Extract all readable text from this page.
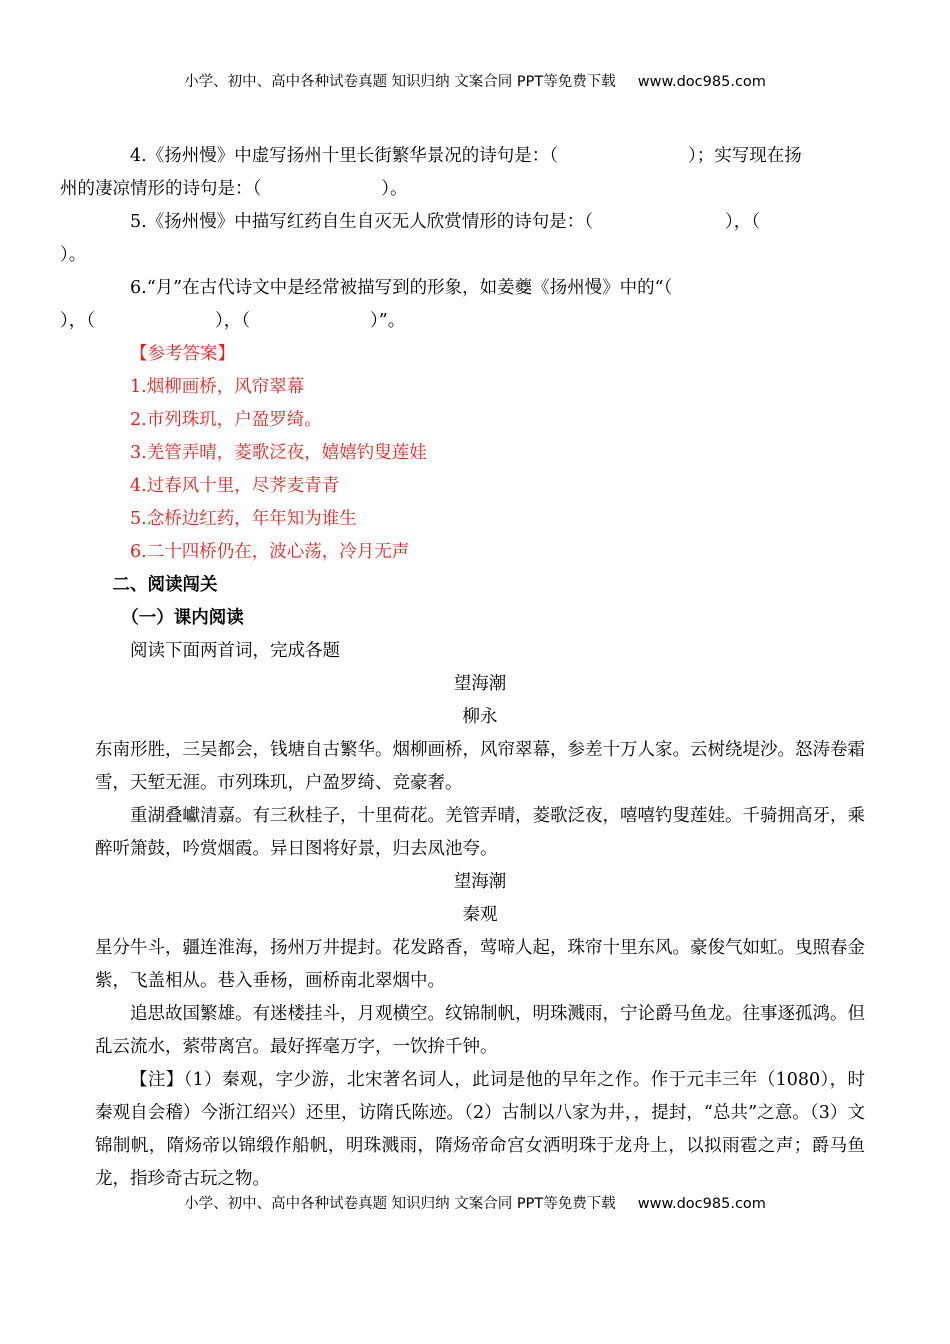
小学、初中、高中各种试卷真题 知识归纳 文案合同 PPT等免费下载 www.doc985.com

4.《扬州慢》中虚写扬州十里长街繁华景况的诗句是：（	）；实写现在扬
州的凄凉情形的诗句是：（	）。

5.《扬州慢》中描写红药自生自灭无人欣赏情形的诗句是：（	），（
）。

6.“月”在古代诗文中是经常被描写到的形象，如姜夔《扬州慢》中的“（
），（	），（	）”。

【参考答案】

1.烟柳画桥，风帘翠幕

2.市列珠玑，户盈罗绮。

3.羌管弄晴，菱歌泛夜，嬉嬉钓叟莲娃

4.过春风十里，尽荠麦青青

5.念桥边红药，年年知为谁生

6.二十四桥仍在，波心荡，冷月无声

二、阅读闯关

（一）课内阅读

阅读下面两首词，完成各题

望海潮

柳永

东南形胜，三吴都会，钱塘自古繁华。烟柳画桥，风帘翠幕，参差十万人家。云树绕堤沙。怒涛卷霜雪，天堑无涯。市列珠玑，户盈罗绮、竞豪奢。

重湖叠巘清嘉。有三秋桂子，十里荷花。羌管弄晴，菱歌泛夜，嘻嘻钓叟莲娃。千骑拥高牙，乘醉听箫鼓，吟赏烟霞。异日图将好景，归去凤池夸。

望海潮

秦观

星分牛斗，疆连淮海，扬州万井提封。花发路香，莺啼人起，珠帘十里东风。豪俊气如虹。曳照春金紫，飞盖相从。巷入垂杨，画桥南北翠烟中。

追思故国繁雄。有迷楼挂斗，月观横空。纹锦制帆，明珠溅雨，宁论爵马鱼龙。往事逐孤鸿。但乱云流水，萦带离宫。最好挥毫万字，一饮拚千钟。

【注】（1）秦观，字少游，北宋著名词人，此词是他的早年之作。作于元丰三年（1080），时秦观自会稽）今浙江绍兴）还里，访隋氏陈迹。（2）古制以八家为井，，提封，“总共”之意。（3）文锦制帆，隋炀帝以锦缎作船帆，明珠溅雨，隋炀帝命宫女洒明珠于龙舟上，以拟雨雹之声；爵马鱼龙，指珍奇古玩之物。

小学、初中、高中各种试卷真题 知识归纳 文案合同 PPT等免费下载 www.doc985.com
